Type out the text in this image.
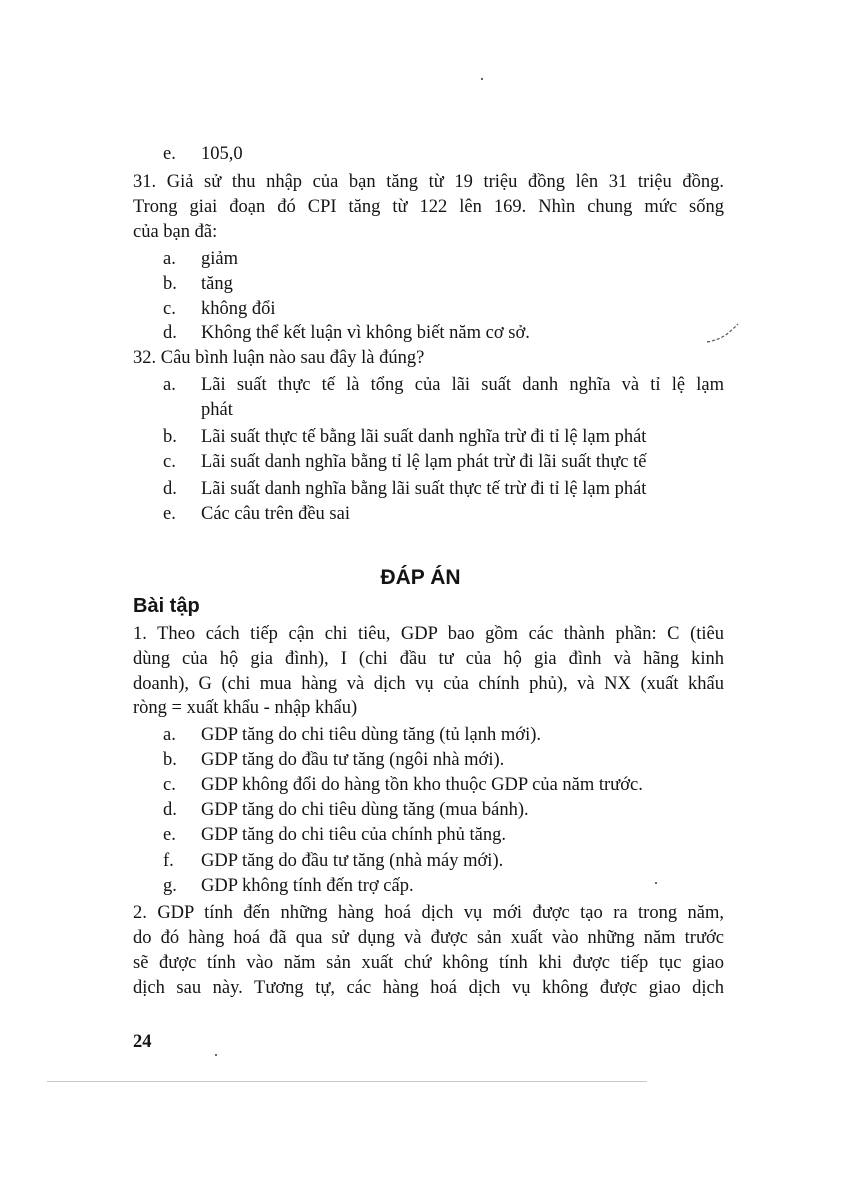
e. 105,0
31. Giả sử thu nhập của bạn tăng từ 19 triệu đồng lên 31 triệu đồng.
Trong giai đoạn đó CPI tăng từ 122 lên 169. Nhìn chung mức sống
của bạn đã:
a. giảm
b. tăng
c. không đổi
d. Không thể kết luận vì không biết năm cơ sở.
32. Câu bình luận nào sau đây là đúng?
a. Lãi suất thực tế là tổng của lãi suất danh nghĩa và tỉ lệ lạm
phát
b. Lãi suất thực tế bằng lãi suất danh nghĩa trừ đi tỉ lệ lạm phát
c. Lãi suất danh nghĩa bằng tỉ lệ lạm phát trừ đi lãi suất thực tế
d. Lãi suất danh nghĩa bằng lãi suất thực tế trừ đi tỉ lệ lạm phát
e. Các câu trên đều sai
ĐÁP ÁN
Bài tập
1. Theo cách tiếp cận chi tiêu, GDP bao gồm các thành phần: C (tiêu
dùng của hộ gia đình), I (chi đầu tư của hộ gia đình và hãng kinh
doanh), G (chi mua hàng và dịch vụ của chính phủ), và NX (xuất khẩu
ròng = xuất khẩu - nhập khẩu)
a. GDP tăng do chi tiêu dùng tăng (tủ lạnh mới).
b. GDP tăng do đầu tư tăng (ngôi nhà mới).
c. GDP không đổi do hàng tồn kho thuộc GDP của năm trước.
d. GDP tăng do chi tiêu dùng tăng (mua bánh).
e. GDP tăng do chi tiêu của chính phủ tăng.
f. GDP tăng do đầu tư tăng (nhà máy mới).
g. GDP không tính đến trợ cấp.
2. GDP tính đến những hàng hoá dịch vụ mới được tạo ra trong năm,
do đó hàng hoá đã qua sử dụng và được sản xuất vào những năm trước
sẽ được tính vào năm sản xuất chứ không tính khi được tiếp tục giao
dịch sau này. Tương tự, các hàng hoá dịch vụ không được giao dịch
24
